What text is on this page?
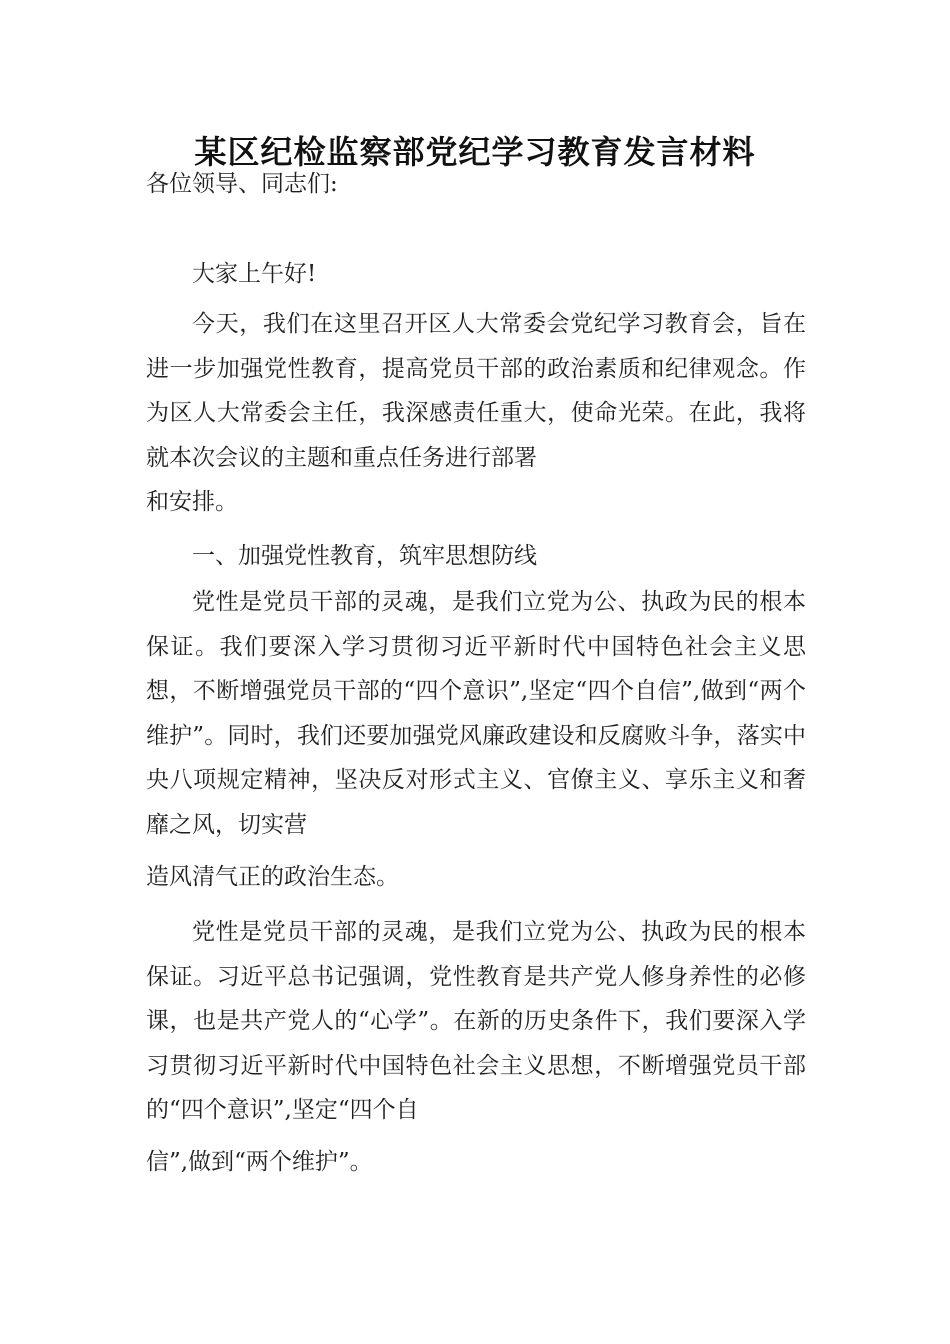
某区纪检监察部党纪学习教育发言材料

各位领导、同志们:

大家上午好!

今天，我们在这里召开区人大常委会党纪学习教育会，旨在进一步加强党性教育，提高党员干部的政治素质和纪律观念。作为区人大常委会主任，我深感责任重大，使命光荣。在此，我将就本次会议的主题和重点任务进行部署

和安排。

一、加强党性教育，筑牢思想防线

党性是党员干部的灵魂，是我们立党为公、执政为民的根本保证。我们要深入学习贯彻习近平新时代中国特色社会主义思想，不断增强党员干部的“四个意识”,坚定“四个自信”,做到“两个维护”。同时，我们还要加强党风廉政建设和反腐败斗争，落实中央八项规定精神，坚决反对形式主义、官僚主义、享乐主义和奢靡之风，切实营

造风清气正的政治生态。

党性是党员干部的灵魂，是我们立党为公、执政为民的根本保证。习近平总书记强调，党性教育是共产党人修身养性的必修课，也是共产党人的“心学”。在新的历史条件下，我们要深入学习贯彻习近平新时代中国特色社会主义思想，不断增强党员干部的“四个意识”,坚定“四个自

信”,做到“两个维护”。
